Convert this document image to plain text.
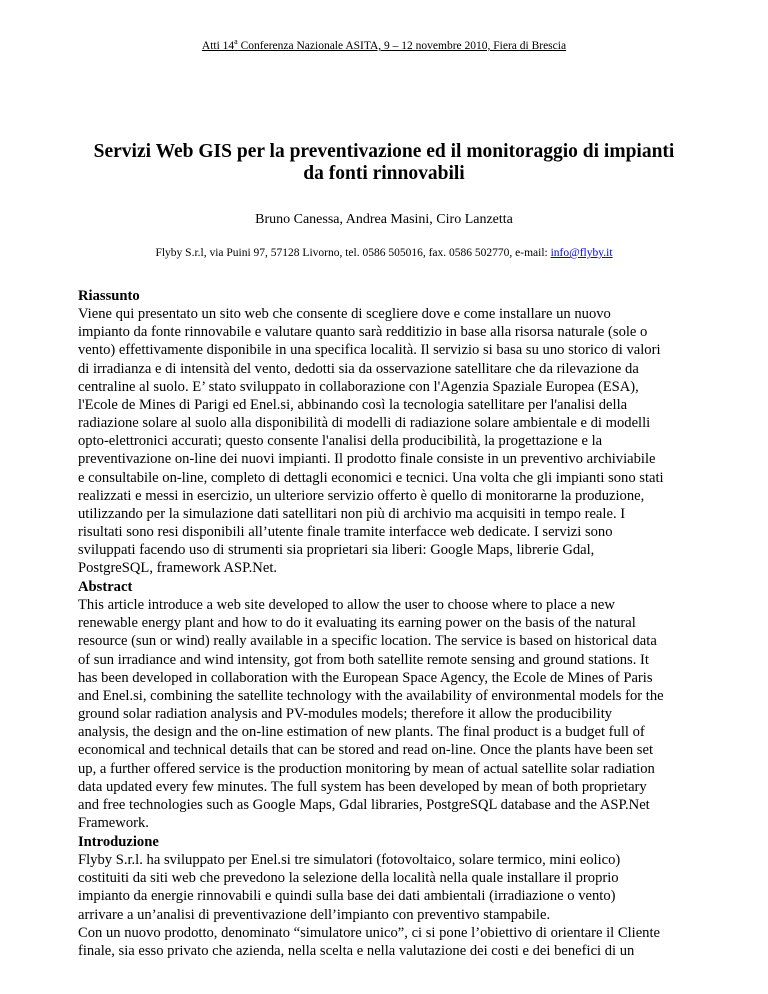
Atti 14$^a$ Conferenza Nazionale ASITA, 9 – 12 novembre 2010, Fiera di Brescia
Servizi Web GIS per la preventivazione ed il monitoraggio di impianti
da fonti rinnovabili
Bruno Canessa, Andrea Masini, Ciro Lanzetta
Flyby S.r.l, via Puini 97, 57128 Livorno, tel. 0586 505016, fax. 0586 502770, e-mail: info@flyby.it
Riassunto

Viene qui presentato un sito web che consente di scegliere dove e come installare un nuovo
impianto da fonte rinnovabile e valutare quanto sarà redditizio in base alla risorsa naturale (sole o
vento) effettivamente disponibile in una specifica località. Il servizio si basa su uno storico di valori
di irradianza e di intensità del vento, dedotti sia da osservazione satellitare che da rilevazione da
centraline al suolo. E’ stato sviluppato in collaborazione con l'Agenzia Spaziale Europea (ESA),
l'Ecole de Mines di Parigi ed Enel.si, abbinando così la tecnologia satellitare per l'analisi della
radiazione solare al suolo alla disponibilità di modelli di radiazione solare ambientale e di modelli
opto-elettronici accurati; questo consente l'analisi della producibilità, la progettazione e la
preventivazione on-line dei nuovi impianti. Il prodotto finale consiste in un preventivo archiviabile
e consultabile on-line, completo di dettagli economici e tecnici. Una volta che gli impianti sono stati
realizzati e messi in esercizio, un ulteriore servizio offerto è quello di monitorarne la produzione,
utilizzando per la simulazione dati satellitari non più di archivio ma acquisiti in tempo reale. I
risultati sono resi disponibili all’utente finale tramite interfacce web dedicate. I servizi sono
sviluppati facendo uso di strumenti sia proprietari sia liberi: Google Maps, librerie Gdal,
PostgreSQL, framework ASP.Net.

Abstract

This article introduce a web site developed to allow the user to choose where to place a new
renewable energy plant and how to do it evaluating its earning power on the basis of the natural
resource (sun or wind) really available in a specific location. The service is based on historical data
of sun irradiance and wind intensity, got from both satellite remote sensing and ground stations. It
has been developed in collaboration with the European Space Agency, the Ecole de Mines of Paris
and Enel.si, combining the satellite technology with the availability of environmental models for the
ground solar radiation analysis and PV-modules models; therefore it allow the producibility
analysis, the design and the on-line estimation of new plants. The final product is a budget full of
economical and technical details that can be stored and read on-line. Once the plants have been set
up, a further offered service is the production monitoring by mean of actual satellite solar radiation
data updated every few minutes. The full system has been developed by mean of both proprietary
and free technologies such as Google Maps, Gdal libraries, PostgreSQL database and the ASP.Net
Framework.

Introduzione

Flyby S.r.l. ha sviluppato per Enel.si tre simulatori (fotovoltaico, solare termico, mini eolico)
costituiti da siti web che prevedono la selezione della località nella quale installare il proprio
impianto da energie rinnovabili e quindi sulla base dei dati ambientali (irradiazione o vento)
arrivare a un’analisi di preventivazione dell’impianto con preventivo stampabile.
Con un nuovo prodotto, denominato “simulatore unico”, ci si pone l’obiettivo di orientare il Cliente
finale, sia esso privato che azienda, nella scelta e nella valutazione dei costi e dei benefici di un
